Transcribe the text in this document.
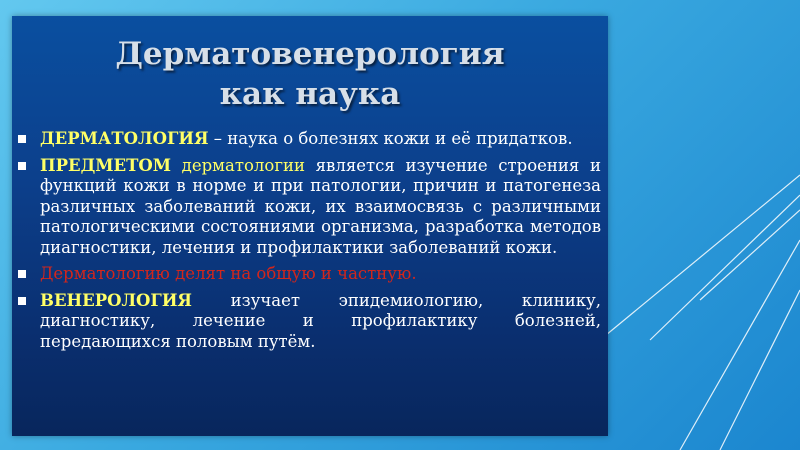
Дерматовенерология
как наука
ДЕРМАТОЛОГИЯ – наука о болезнях кожи и её придатков.
ПРЕДМЕТОМ дерматологии является изучение строения и функций кожи в норме и при патологии, причин и патогенеза различных заболеваний кожи, их взаимосвязь с различными патологическими состояниями организма, разработка методов диагностики, лечения и профилактики заболеваний кожи.
Дерматологию делят на общую и частную.
ВЕНЕРОЛОГИЯ изучает эпидемиологию, клинику, диагностику, лечение и профилактику болезней, передающихся половым путём.
